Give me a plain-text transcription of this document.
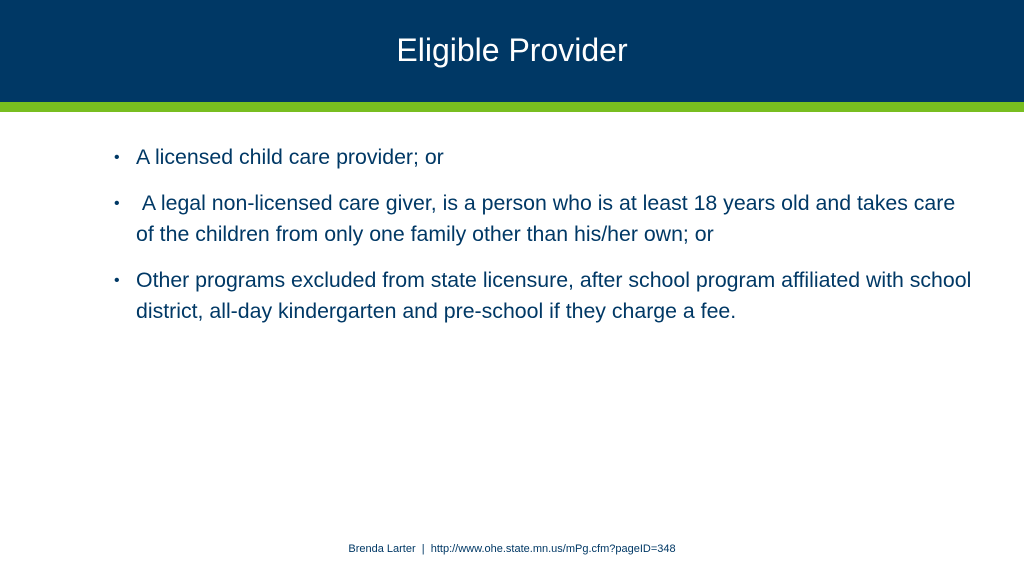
Eligible Provider
• A licensed child care provider; or
• A legal non-licensed care giver, is a person who is at least 18 years old and takes care of the children from only one family other than his/her own; or
• Other programs excluded from state licensure, after school program affiliated with school district, all-day kindergarten and pre-school if they charge a fee.
Brenda Larter  |  http://www.ohe.state.mn.us/mPg.cfm?pageID=348
